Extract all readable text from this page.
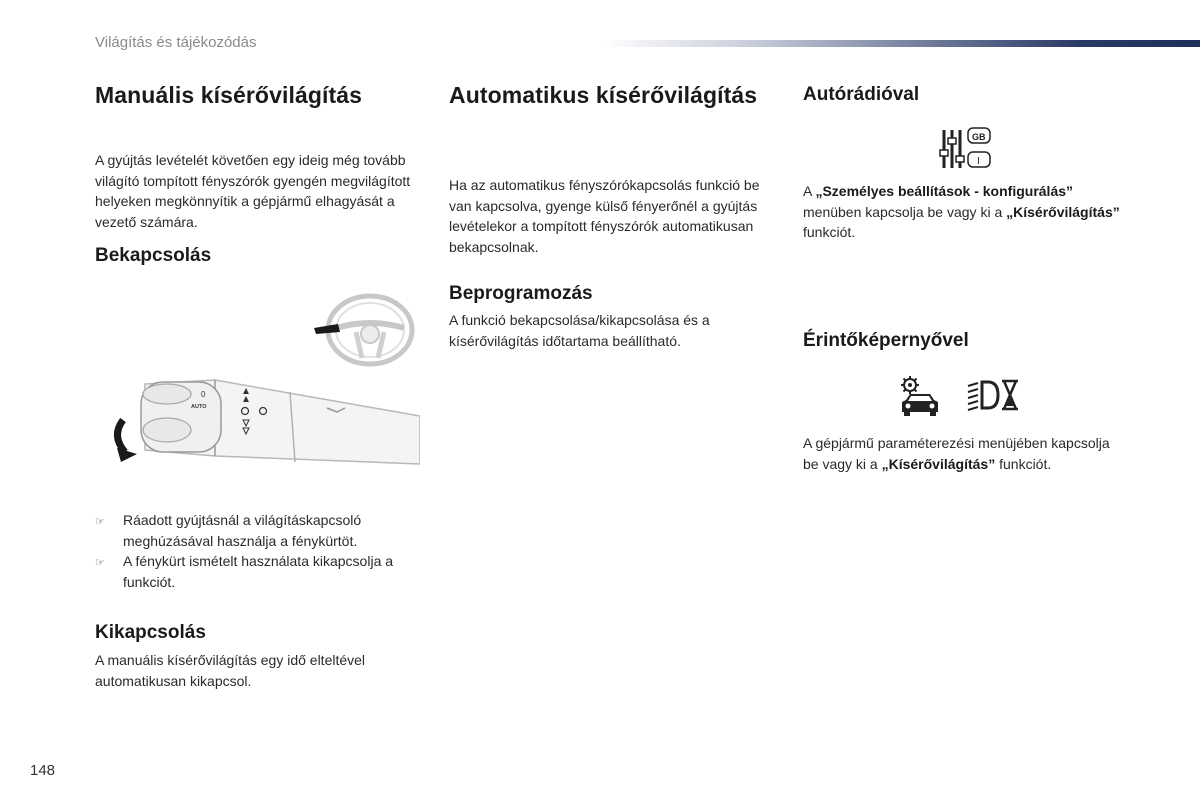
Világítás és tájékozódás
Manuális kísérővilágítás
A gyújtás levételét követően egy ideig még tovább világító tompított fényszórók gyengén megvilágított helyeken megkönnyítik a gépjármű elhagyását a vezető számára.
Bekapcsolás
0
AUTO
☞	Ráadott gyújtásnál a világításkapcsoló meghúzásával használja a fénykürtöt.
☞	A fénykürt ismételt használata kikapcsolja a funkciót.
Kikapcsolás
A manuális kísérővilágítás egy idő elteltével automatikusan kikapcsol.
Automatikus kísérővilágítás
Ha az automatikus fényszórókapcsolás funkció be van kapcsolva, gyenge külső fényerőnél a gyújtás levételekor a tompított fényszórók automatikusan bekapcsolnak.
Beprogramozás
A funkció bekapcsolása/kikapcsolása és a kísérővilágítás időtartama beállítható.
Autórádióval
GB
I
A „Személyes beállítások - konfigurálás” menüben kapcsolja be vagy ki a „Kísérővilágítás” funkciót.
Érintőképernyővel
A gépjármű paraméterezési menüjében kapcsolja be vagy ki a „Kísérővilágítás” funkciót.
148
